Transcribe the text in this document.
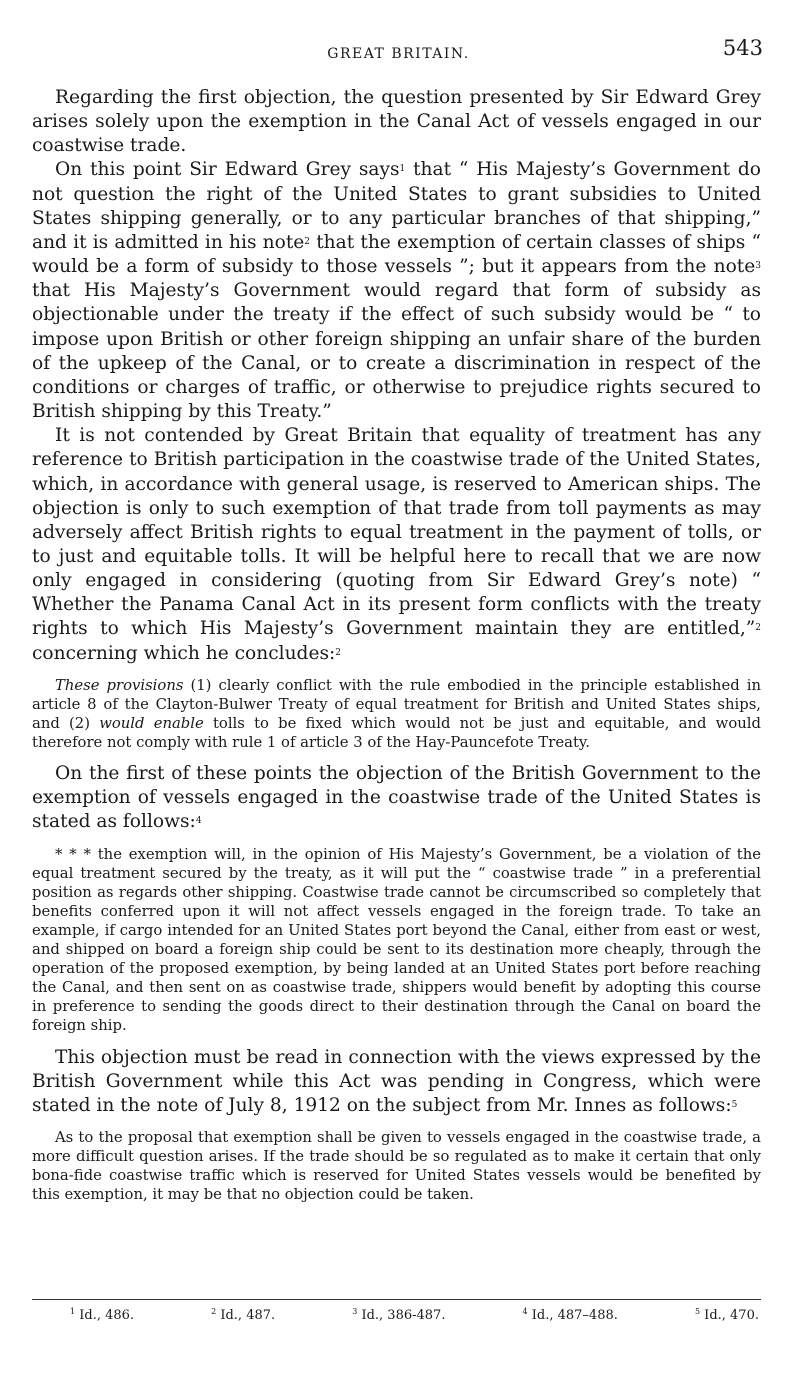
GREAT BRITAIN.	543

Regarding the first objection, the question presented by Sir Edward Grey arises solely upon the exemption in the Canal Act of vessels engaged in our coastwise trade.

On this point Sir Edward Grey says$^1$ that “ His Majesty’s Government do not question the right of the United States to grant subsidies to United States shipping generally, or to any particular branches of that shipping,” and it is admitted in his note$^2$ that the exemption of certain classes of ships “ would be a form of subsidy to those vessels ”; but it appears from the note$^3$ that His Majesty’s Government would regard that form of subsidy as objectionable under the treaty if the effect of such subsidy would be “ to impose upon British or other foreign shipping an unfair share of the burden of the upkeep of the Canal, or to create a discrimination in respect of the conditions or charges of traffic, or otherwise to prejudice rights secured to British shipping by this Treaty.”

It is not contended by Great Britain that equality of treatment has any reference to British participation in the coastwise trade of the United States, which, in accordance with general usage, is reserved to American ships. The objection is only to such exemption of that trade from toll payments as may adversely affect British rights to equal treatment in the payment of tolls, or to just and equitable tolls. It will be helpful here to recall that we are now only engaged in considering (quoting from Sir Edward Grey’s note) “ Whether the Panama Canal Act in its present form conflicts with the treaty rights to which His Majesty’s Government maintain they are entitled,”$^2$ concerning which he concludes:$^2$

These provisions (1) clearly conflict with the rule embodied in the principle established in article 8 of the Clayton-Bulwer Treaty of equal treatment for British and United States ships, and (2) would enable tolls to be fixed which would not be just and equitable, and would therefore not comply with rule 1 of article 3 of the Hay-Pauncefote Treaty.

On the first of these points the objection of the British Government to the exemption of vessels engaged in the coastwise trade of the United States is stated as follows:$^4$

* * * the exemption will, in the opinion of His Majesty’s Government, be a violation of the equal treatment secured by the treaty, as it will put the “ coastwise trade ” in a preferential position as regards other shipping. Coastwise trade cannot be circumscribed so completely that benefits conferred upon it will not affect vessels engaged in the foreign trade. To take an example, if cargo intended for an United States port beyond the Canal, either from east or west, and shipped on board a foreign ship could be sent to its destination more cheaply, through the operation of the proposed exemption, by being landed at an United States port before reaching the Canal, and then sent on as coastwise trade, shippers would benefit by adopting this course in preference to sending the goods direct to their destination through the Canal on board the foreign ship.

This objection must be read in connection with the views expressed by the British Government while this Act was pending in Congress, which were stated in the note of July 8, 1912 on the subject from Mr. Innes as follows:$^5$

As to the proposal that exemption shall be given to vessels engaged in the coastwise trade, a more difficult question arises. If the trade should be so regulated as to make it certain that only bona-fide coastwise traffic which is reserved for United States vessels would be benefited by this exemption, it may be that no objection could be taken.

$^1$ Id., 486.	$^2$ Id., 487.	$^3$ Id., 386-487.	$^4$ Id., 487–488.	$^5$ Id., 470.
